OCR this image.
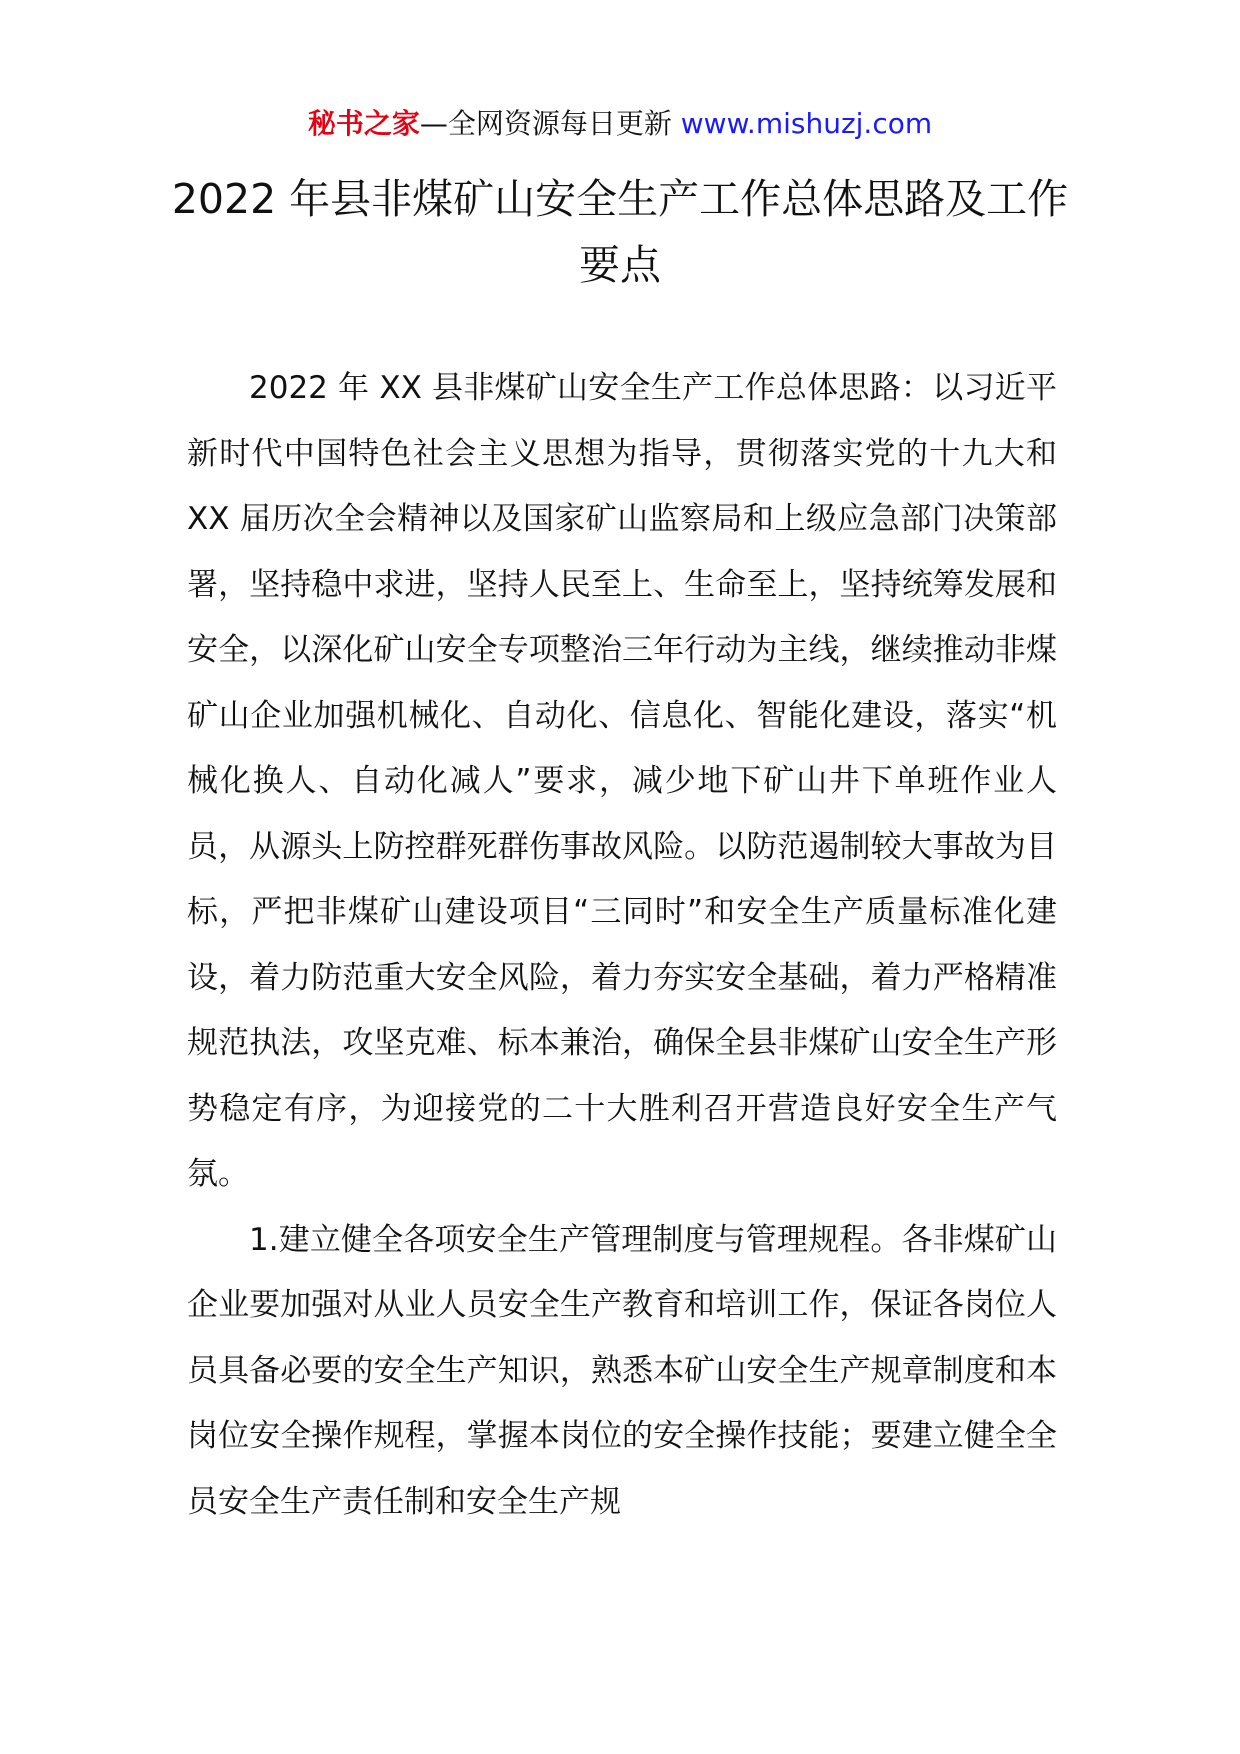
秘书之家—全网资源每日更新 www.mishuzj.com
2022 年县非煤矿山安全生产工作总体思路及工作要点

2022 年 XX 县非煤矿山安全生产工作总体思路：以习近平新时代中国特色社会主义思想为指导，贯彻落实党的十九大和 XX 届历次全会精神以及国家矿山监察局和上级应急部门决策部署，坚持稳中求进，坚持人民至上、生命至上，坚持统筹发展和安全，以深化矿山安全专项整治三年行动为主线，继续推动非煤矿山企业加强机械化、自动化、信息化、智能化建设，落实“机械化换人、自动化减人”要求，减少地下矿山井下单班作业人员，从源头上防控群死群伤事故风险。以防范遏制较大事故为目标，严把非煤矿山建设项目“三同时”和安全生产质量标准化建设，着力防范重大安全风险，着力夯实安全基础，着力严格精准规范执法，攻坚克难、标本兼治，确保全县非煤矿山安全生产形势稳定有序，为迎接党的二十大胜利召开营造良好安全生产气氛。

1.建立健全各项安全生产管理制度与管理规程。各非煤矿山企业要加强对从业人员安全生产教育和培训工作，保证各岗位人员具备必要的安全生产知识，熟悉本矿山安全生产规章制度和本岗位安全操作规程，掌握本岗位的安全操作技能；要建立健全全员安全生产责任制和安全生产规
